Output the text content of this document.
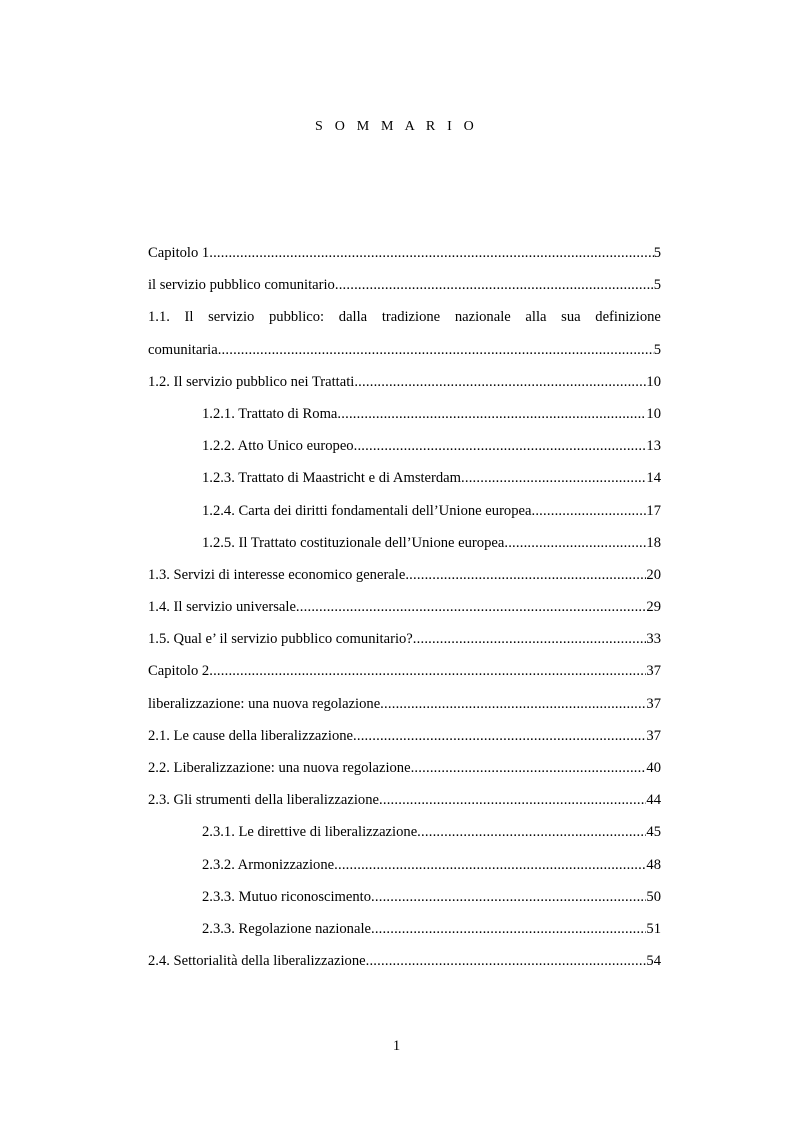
S O M M A R I O
Capitolo 1 .....	5
il servizio pubblico comunitario .....	5
1.1. Il servizio pubblico: dalla tradizione nazionale alla sua definizione
comunitaria .....	5
1.2. Il servizio pubblico nei Trattati .....	10
1.2.1. Trattato di Roma .....	10
1.2.2. Atto Unico europeo .....	13
1.2.3. Trattato di Maastricht e di Amsterdam .....	14
1.2.4. Carta dei diritti fondamentali dell’Unione europea .....	17
1.2.5. Il Trattato costituzionale dell’Unione europea .....	18
1.3. Servizi di interesse economico generale .....	20
1.4. Il servizio universale .....	29
1.5. Qual e’ il servizio pubblico comunitario? .....	33
Capitolo 2 .....	37
liberalizzazione: una nuova regolazione .....	37
2.1. Le cause della liberalizzazione .....	37
2.2. Liberalizzazione: una nuova regolazione .....	40
2.3. Gli strumenti della liberalizzazione .....	44
2.3.1. Le direttive di liberalizzazione .....	45
2.3.2. Armonizzazione .....	48
2.3.3. Mutuo riconoscimento .....	50
2.3.3. Regolazione nazionale .....	51
2.4. Settorialità della liberalizzazione .....	54
1
